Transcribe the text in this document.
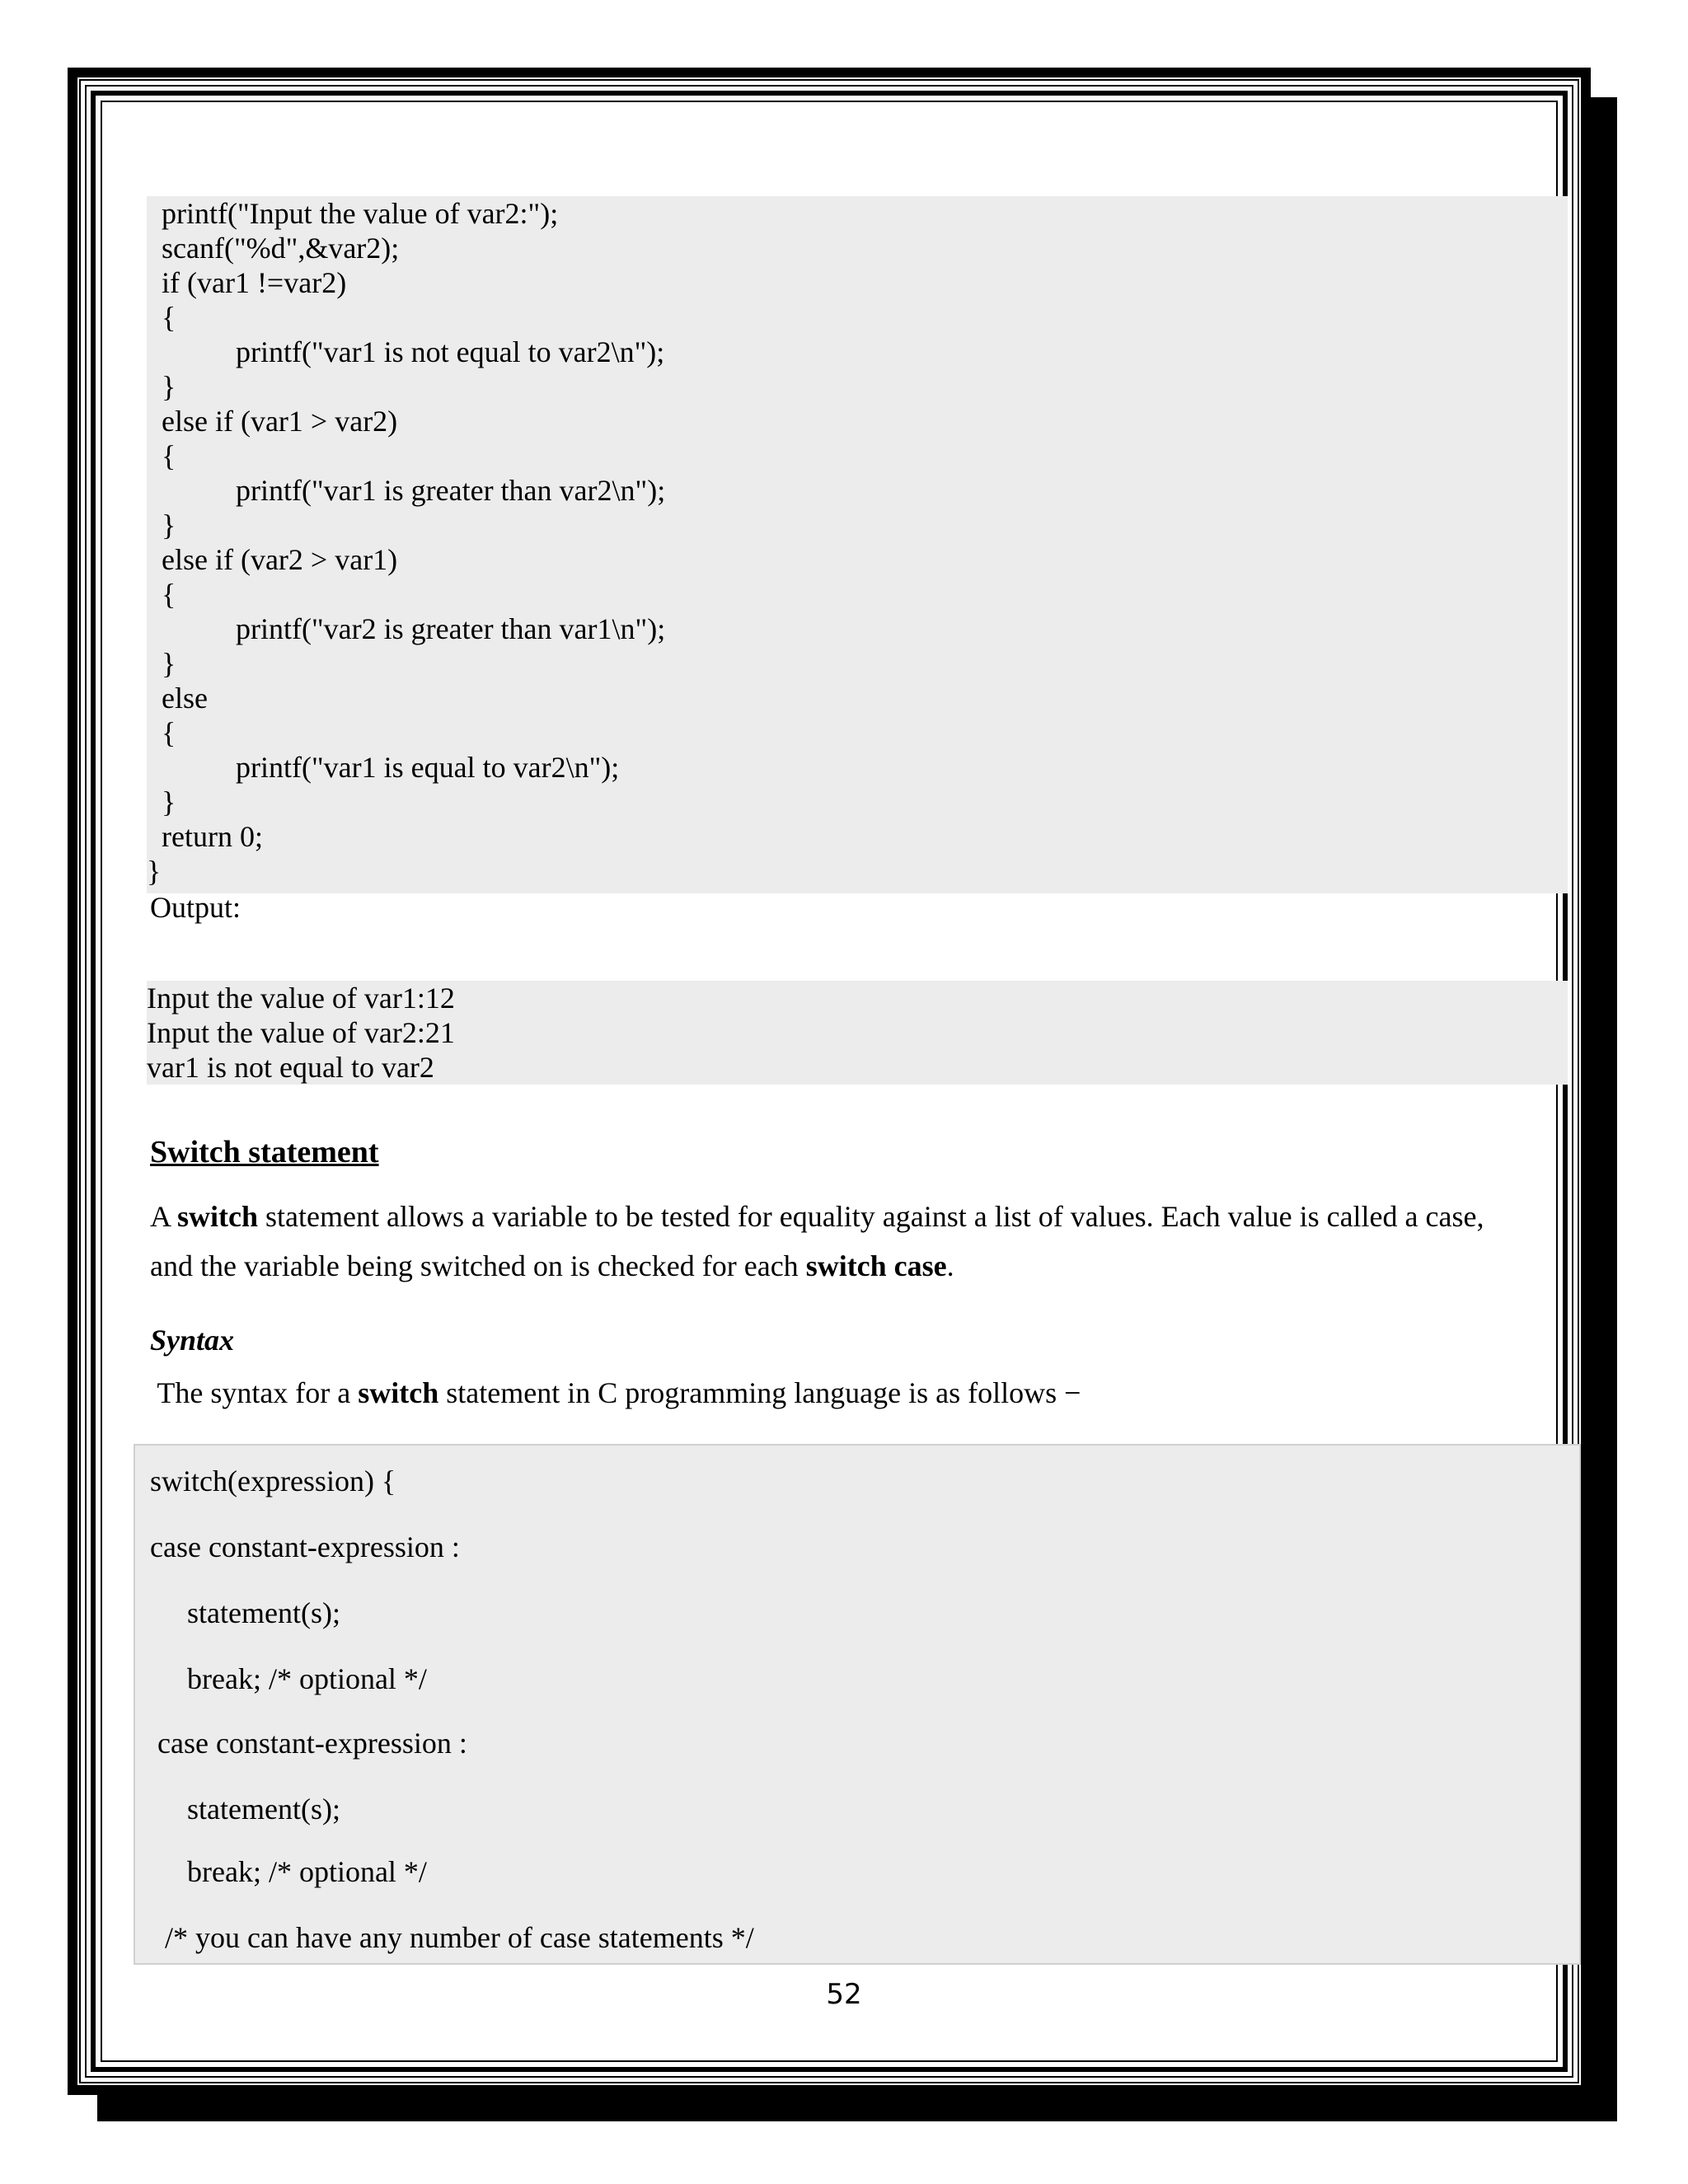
printf("Input the value of var2:");
scanf("%d",&var2);
if (var1 !=var2)
{
printf("var1 is not equal to var2\n");
}
else if (var1 > var2)
{
printf("var1 is greater than var2\n");
}
else if (var2 > var1)
{
printf("var2 is greater than var1\n");
}
else
{
printf("var1 is equal to var2\n");
}
return 0;
}
Output:
Input the value of var1:12
Input the value of var2:21
var1 is not equal to var2
Switch statement
A switch statement allows a variable to be tested for equality against a list of values. Each value is called a case,
and the variable being switched on is checked for each switch case.
Syntax
The syntax for a switch statement in C programming language is as follows −
switch(expression) {
case constant-expression :
statement(s);
break; /* optional */
case constant-expression :
statement(s);
break; /* optional */
/* you can have any number of case statements */
52
